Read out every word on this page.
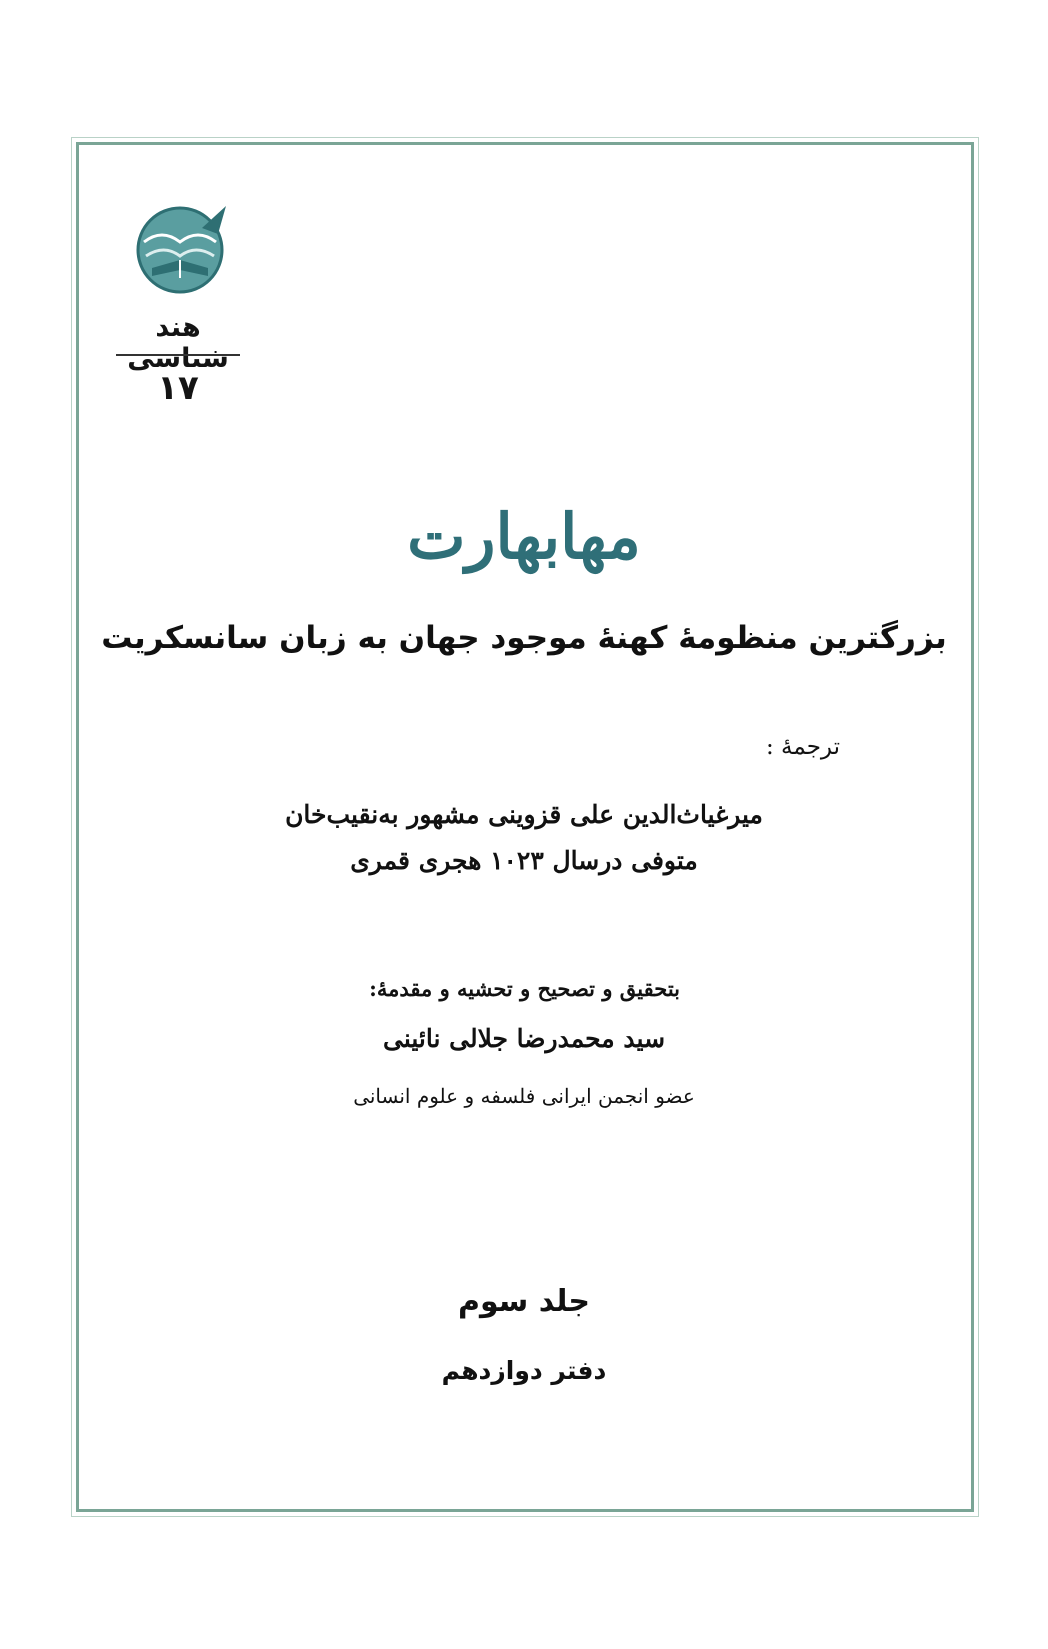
هند شناسی
۱۷
مهابهارت
بزرگترین منظومۀ کهنۀ موجود جهان به زبان سانسکریت
ترجمۀ :
میرغیاث‌الدین علی قزوینی مشهور به‌نقیب‌خان
متوفی درسال ۱۰۲۳ هجری قمری
بتحقیق و تصحیح و تحشیه و مقدمۀ:
سید محمدرضا جلالی نائینی
عضو انجمن ایرانی فلسفه و علوم انسانی
جلد سوم
دفتر دوازدهم
